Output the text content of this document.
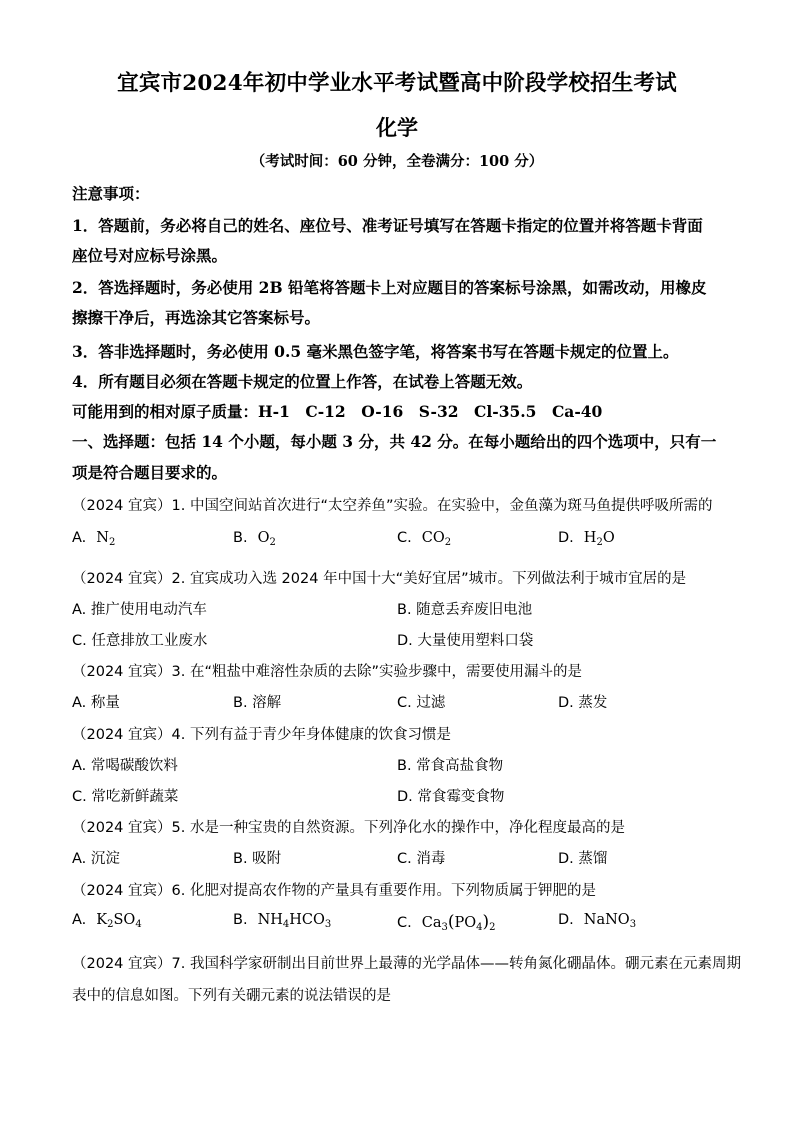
宜宾市2024年初中学业水平考试暨高中阶段学校招生考试
化学
（考试时间：60 分钟，全卷满分：100 分）
注意事项：
1．答题前，务必将自己的姓名、座位号、准考证号填写在答题卡指定的位置并将答题卡背面
座位号对应标号涂黑。
2．答选择题时，务必使用 2B 铅笔将答题卡上对应题目的答案标号涂黑，如需改动，用橡皮
擦擦干净后，再选涂其它答案标号。
3．答非选择题时，务必使用 0.5 毫米黑色签字笔，将答案书写在答题卡规定的位置上。
4．所有题目必须在答题卡规定的位置上作答，在试卷上答题无效。
可能用到的相对原子质量：H-1　C-12　O-16　S-32　Cl-35.5　Ca-40
一、选择题：包括 14 个小题，每小题 3 分，共 42 分。在每小题给出的四个选项中，只有一
项是符合题目要求的。
（2024 宜宾）1. 中国空间站首次进行“太空养鱼”实验。在实验中，金鱼藻为斑马鱼提供呼吸所需的
A. $N_2$	B. $O_2$	C. $CO_2$	D. $H_2O$
（2024 宜宾）2. 宜宾成功入选 2024 年中国十大“美好宜居”城市。下列做法利于城市宜居的是
A. 推广使用电动汽车	B. 随意丢弃废旧电池
C. 任意排放工业废水	D. 大量使用塑料口袋
（2024 宜宾）3. 在“粗盐中难溶性杂质的去除”实验步骤中，需要使用漏斗的是
A. 称量	B. 溶解	C. 过滤	D. 蒸发
（2024 宜宾）4. 下列有益于青少年身体健康的饮食习惯是
A. 常喝碳酸饮料	B. 常食高盐食物
C. 常吃新鲜蔬菜	D. 常食霉变食物
（2024 宜宾）5. 水是一种宝贵的自然资源。下列净化水的操作中，净化程度最高的是
A. 沉淀	B. 吸附	C. 消毒	D. 蒸馏
（2024 宜宾）6. 化肥对提高农作物的产量具有重要作用。下列物质属于钾肥的是
A. $K_2SO_4$	B. $NH_4HCO_3$	C. $Ca_3(PO_4)_2$	D. NaNO$_3$
（2024 宜宾）7. 我国科学家研制出目前世界上最薄的光学晶体——转角氮化硼晶体。硼元素在元素周期
表中的信息如图。下列有关硼元素的说法错误的是
